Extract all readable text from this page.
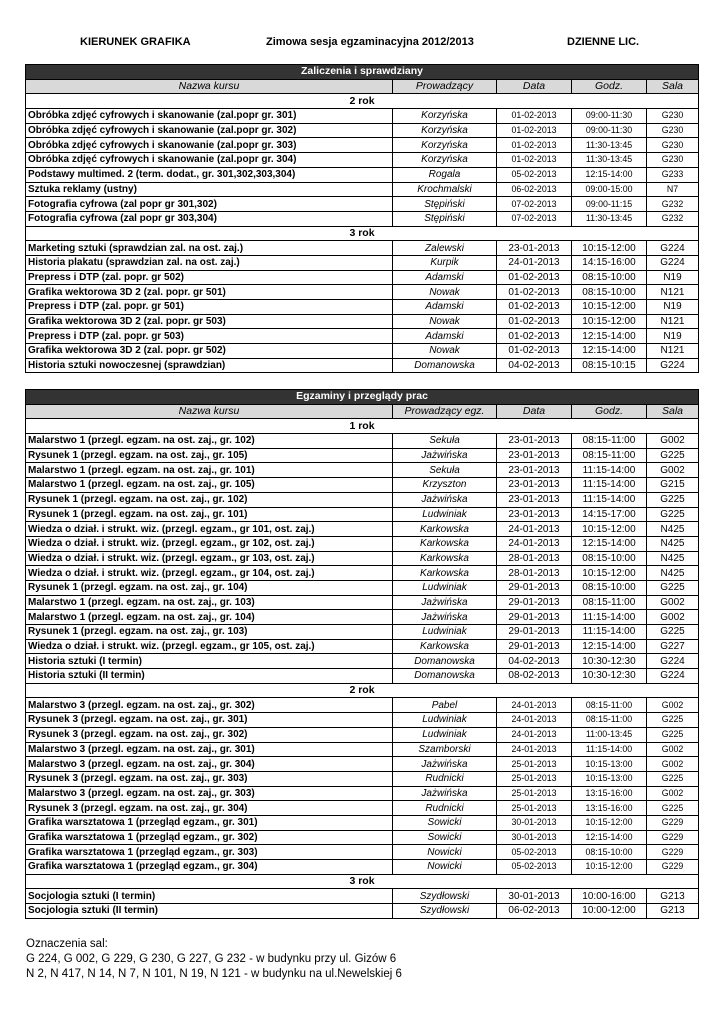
KIERUNEK GRAFIKA	Zimowa sesja egzaminacyjna 2012/2013	DZIENNE LIC.
Zaliczenia i sprawdziany				
Nazwa kursu	Prowadzący	Data	Godz.	Sala
2 rok				
Obróbka zdjęć cyfrowych i skanowanie (zal.popr gr. 301)	Korzyńska	01-02-2013	09:00-11:30	G230
Obróbka zdjęć cyfrowych i skanowanie (zal.popr gr. 302)	Korzyńska	01-02-2013	09:00-11:30	G230
Obróbka zdjęć cyfrowych i skanowanie (zal.popr gr. 303)	Korzyńska	01-02-2013	11:30-13:45	G230
Obróbka zdjęć cyfrowych i skanowanie (zal.popr gr. 304)	Korzyńska	01-02-2013	11:30-13:45	G230
Podstawy multimed. 2 (term. dodat., gr. 301,302,303,304)	Rogala	05-02-2013	12:15-14:00	G233
Sztuka reklamy (ustny)	Krochmalski	06-02-2013	09:00-15:00	N7
Fotografia cyfrowa (zal popr gr 301,302)	Stępiński	07-02-2013	09:00-11:15	G232
Fotografia cyfrowa (zal popr gr 303,304)	Stępiński	07-02-2013	11:30-13:45	G232
3 rok				
Marketing sztuki (sprawdzian zal. na ost. zaj.)	Zalewski	23-01-2013	10:15-12:00	G224
Historia plakatu (sprawdzian zal. na ost. zaj.)	Kurpik	24-01-2013	14:15-16:00	G224
Prepress i DTP (zal. popr. gr 502)	Adamski	01-02-2013	08:15-10:00	N19
Grafika wektorowa 3D 2 (zal. popr. gr 501)	Nowak	01-02-2013	08:15-10:00	N121
Prepress i DTP (zal. popr. gr 501)	Adamski	01-02-2013	10:15-12:00	N19
Grafika wektorowa 3D 2 (zal. popr. gr 503)	Nowak	01-02-2013	10:15-12:00	N121
Prepress i DTP (zal. popr. gr 503)	Adamski	01-02-2013	12:15-14:00	N19
Grafika wektorowa 3D 2 (zal. popr. gr 502)	Nowak	01-02-2013	12:15-14:00	N121
Historia sztuki nowoczesnej (sprawdzian)	Domanowska	04-02-2013	08:15-10:15	G224
Egzaminy i przeglądy prac				
Nazwa kursu	Prowadzący egz.	Data	Godz.	Sala
1 rok				
Malarstwo 1 (przegl. egzam. na ost. zaj., gr. 102)	Sekuła	23-01-2013	08:15-11:00	G002
Rysunek 1 (przegl. egzam. na ost. zaj., gr. 105)	Jażwińska	23-01-2013	08:15-11:00	G225
Malarstwo 1 (przegl. egzam. na ost. zaj., gr. 101)	Sekuła	23-01-2013	11:15-14:00	G002
Malarstwo 1 (przegl. egzam. na ost. zaj., gr. 105)	Krzyszton	23-01-2013	11:15-14:00	G215
Rysunek 1 (przegl. egzam. na ost. zaj., gr. 102)	Jażwińska	23-01-2013	11:15-14:00	G225
Rysunek 1 (przegl. egzam. na ost. zaj., gr. 101)	Ludwiniak	23-01-2013	14:15-17:00	G225
Wiedza o dział. i strukt. wiz. (przegl. egzam., gr 101, ost. zaj.)	Karkowska	24-01-2013	10:15-12:00	N425
Wiedza o dział. i strukt. wiz. (przegl. egzam., gr 102, ost. zaj.)	Karkowska	24-01-2013	12:15-14:00	N425
Wiedza o dział. i strukt. wiz. (przegl. egzam., gr 103, ost. zaj.)	Karkowska	28-01-2013	08:15-10:00	N425
Wiedza o dział. i strukt. wiz. (przegl. egzam., gr 104, ost. zaj.)	Karkowska	28-01-2013	10:15-12:00	N425
Rysunek 1 (przegl. egzam. na ost. zaj., gr. 104)	Ludwiniak	29-01-2013	08:15-10:00	G225
Malarstwo 1 (przegl. egzam. na ost. zaj., gr. 103)	Jażwińska	29-01-2013	08:15-11:00	G002
Malarstwo 1 (przegl. egzam. na ost. zaj., gr. 104)	Jażwińska	29-01-2013	11:15-14:00	G002
Rysunek 1 (przegl. egzam. na ost. zaj., gr. 103)	Ludwiniak	29-01-2013	11:15-14:00	G225
Wiedza o dział. i strukt. wiz. (przegl. egzam., gr 105, ost. zaj.)	Karkowska	29-01-2013	12:15-14:00	G227
Historia sztuki (I termin)	Domanowska	04-02-2013	10:30-12:30	G224
Historia sztuki (II termin)	Domanowska	08-02-2013	10:30-12:30	G224
2 rok				
Malarstwo 3 (przegl. egzam. na ost. zaj., gr. 302)	Pabel	24-01-2013	08:15-11:00	G002
Rysunek 3 (przegl. egzam. na ost. zaj., gr. 301)	Ludwiniak	24-01-2013	08:15-11:00	G225
Rysunek 3 (przegl. egzam. na ost. zaj., gr. 302)	Ludwiniak	24-01-2013	11:00-13:45	G225
Malarstwo 3 (przegl. egzam. na ost. zaj., gr. 301)	Szamborski	24-01-2013	11:15-14:00	G002
Malarstwo 3 (przegl. egzam. na ost. zaj., gr. 304)	Jażwińska	25-01-2013	10:15-13:00	G002
Rysunek 3 (przegl. egzam. na ost. zaj., gr. 303)	Rudnicki	25-01-2013	10:15-13:00	G225
Malarstwo 3 (przegl. egzam. na ost. zaj., gr. 303)	Jażwińska	25-01-2013	13:15-16:00	G002
Rysunek 3 (przegl. egzam. na ost. zaj., gr. 304)	Rudnicki	25-01-2013	13:15-16:00	G225
Grafika warsztatowa 1 (przegląd egzam., gr. 301)	Sowicki	30-01-2013	10:15-12:00	G229
Grafika warsztatowa 1 (przegląd egzam., gr. 302)	Sowicki	30-01-2013	12:15-14:00	G229
Grafika warsztatowa 1 (przegląd egzam., gr. 303)	Nowicki	05-02-2013	08:15-10:00	G229
Grafika warsztatowa 1 (przegląd egzam., gr. 304)	Nowicki	05-02-2013	10:15-12:00	G229
3 rok				
Socjologia sztuki (I termin)	Szydłowski	30-01-2013	10:00-16:00	G213
Socjologia sztuki (II termin)	Szydłowski	06-02-2013	10:00-12:00	G213
Oznaczenia sal:
G 224, G 002, G 229, G 230, G 227, G 232 - w budynku przy ul. Gizów 6
N 2, N 417, N 14, N 7, N 101, N 19, N 121 - w budynku na ul.Newelskiej 6
